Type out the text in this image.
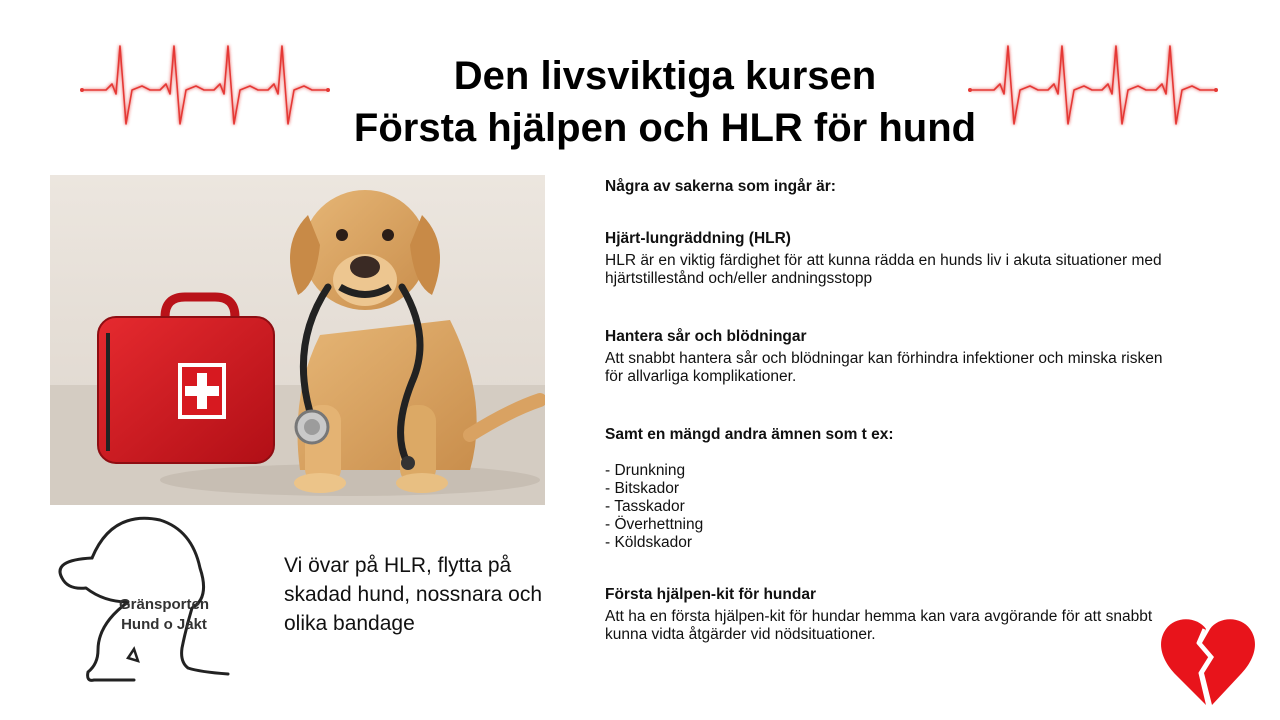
Den livsviktiga kursen
Första hjälpen och HLR för hund
Gränsporten
Hund o Jakt
Vi övar på HLR, flytta på skadad hund, nossnara och olika bandage

Några av sakerna som ingår är:

Hjärt-lungräddning (HLR)

HLR är en viktig färdighet för att kunna rädda en hunds liv i akuta situationer med hjärtstillestånd och/eller andningsstopp

Hantera sår och blödningar

Att snabbt hantera sår och blödningar kan förhindra infektioner och minska risken för allvarliga komplikationer.

Samt en mängd andra ämnen som t ex:

- Drunkning
- Bitskador
- Tasskador
- Överhettning
- Köldskador

Första hjälpen-kit för hundar

Att ha en första hjälpen-kit för hundar hemma kan vara avgörande för att snabbt kunna vidta åtgärder vid nödsituationer.
